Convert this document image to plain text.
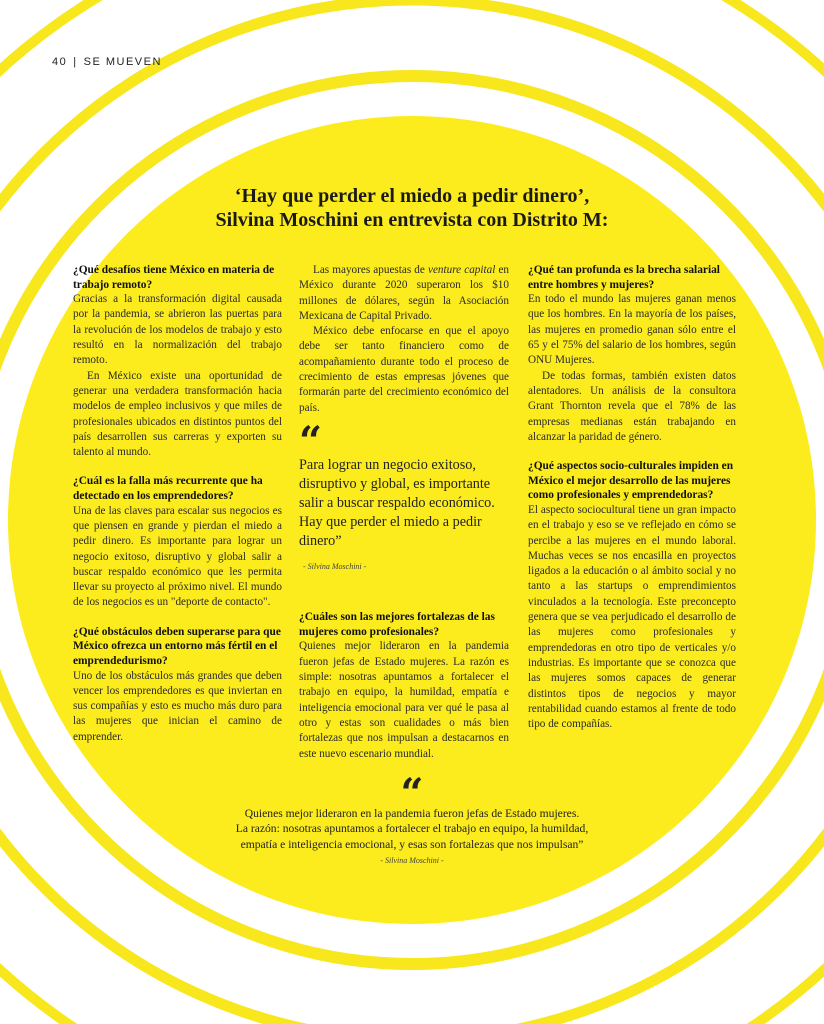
40 | SE MUEVEN
‘Hay que perder el miedo a pedir dinero’,
Silvina Moschini en entrevista con Distrito M:
¿Qué desafíos tiene México en materia de trabajo remoto?

Gracias a la transformación digital causada por la pandemia, se abrieron las puertas para la revolución de los modelos de trabajo y esto resultó en la normalización del trabajo remoto.

En México existe una oportunidad de generar una verdadera transformación hacia modelos de empleo inclusivos y que miles de profesionales ubicados en distintos puntos del país desarrollen sus carreras y exporten su talento al mundo.

¿Cuál es la falla más recurrente que ha detectado en los emprendedores?

Una de las claves para escalar sus negocios es que piensen en grande y pierdan el miedo a pedir dinero. Es importante para lograr un negocio exitoso, disruptivo y global salir a buscar respaldo económico que les permita llevar su proyecto al próximo nivel. El mundo de los negocios es un "deporte de contacto".

¿Qué obstáculos deben superarse para que México ofrezca un entorno más fértil en el emprendedurismo?

Uno de los obstáculos más grandes que deben vencer los emprendedores es que inviertan en sus compañías y esto es mucho más duro para las mujeres que inician el camino de emprender.

Las mayores apuestas de venture capital en México durante 2020 superaron los $10 millones de dólares, según la Asociación Mexicana de Capital Privado.

México debe enfocarse en que el apoyo debe ser tanto financiero como de acompañamiento durante todo el proceso de crecimiento de estas empresas jóvenes que formarán parte del crecimiento económico del país.

“
Para lograr un negocio exitoso, disruptivo y global, es importante salir a buscar respaldo económico. Hay que perder el miedo a pedir dinero”
- Silvina Moschini -
¿Cuáles son las mejores fortalezas de las mujeres como profesionales?

Quienes mejor lideraron en la pandemia fueron jefas de Estado mujeres. La razón es simple: nosotras apuntamos a fortalecer el trabajo en equipo, la humildad, empatía e inteligencia emocional para ver qué le pasa al otro y estas son cualidades o más bien fortalezas que nos impulsan a destacarnos en este nuevo escenario mundial.

¿Qué tan profunda es la brecha salarial entre hombres y mujeres?

En todo el mundo las mujeres ganan menos que los hombres. En la mayoría de los países, las mujeres en promedio ganan sólo entre el 65 y el 75% del salario de los hombres, según ONU Mujeres.

De todas formas, también existen datos alentadores. Un análisis de la consultora Grant Thornton revela que el 78% de las empresas medianas están trabajando en alcanzar la paridad de género.

¿Qué aspectos socio-culturales impiden en México el mejor desarrollo de las mujeres como profesionales y emprendedoras?

El aspecto sociocultural tiene un gran impacto en el trabajo y eso se ve reflejado en cómo se percibe a las mujeres en el mundo laboral. Muchas veces se nos encasilla en proyectos ligados a la educación o al ámbito social y no tanto a las startups o emprendimientos vinculados a la tecnología. Este preconcepto genera que se vea perjudicado el desarrollo de las mujeres como profesionales y emprendedoras en otro tipo de verticales y/o industrias. Es importante que se conozca que las mujeres somos capaces de generar distintos tipos de negocios y mayor rentabilidad cuando estamos al frente de todo tipo de compañías.

“
Quienes mejor lideraron en la pandemia fueron jefas de Estado mujeres.
La razón: nosotras apuntamos a fortalecer el trabajo en equipo, la humildad,
empatía e inteligencia emocional, y esas son fortalezas que nos impulsan”
- Silvina Moschini -
